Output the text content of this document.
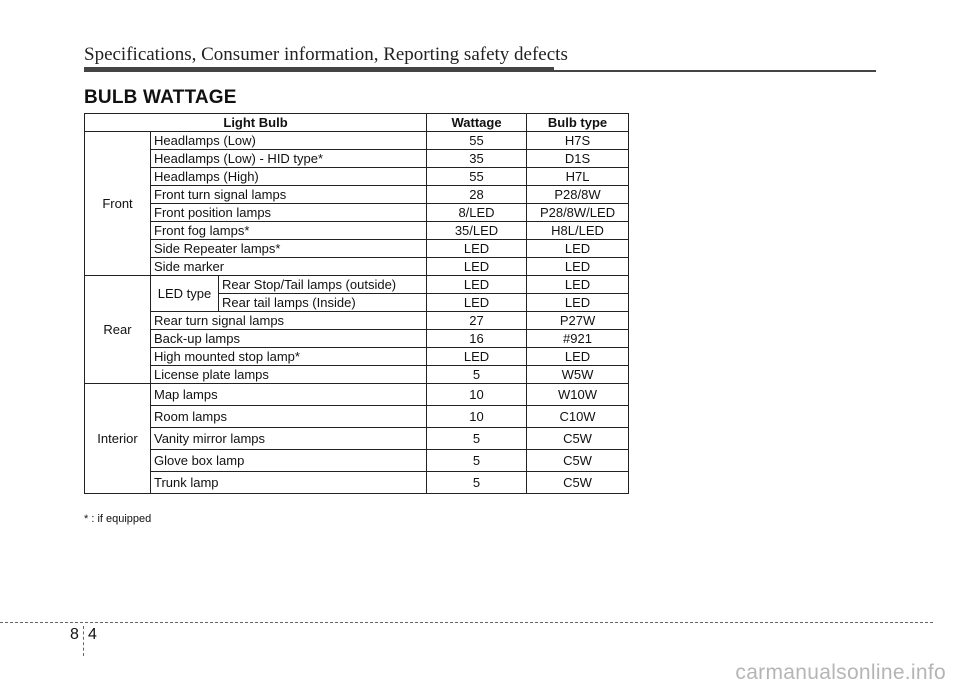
Specifications, Consumer information, Reporting safety defects
BULB WATTAGE
Light Bulb			Wattage	Bulb type
Front	Headlamps (Low)		55	H7S
	Headlamps (Low) - HID type*		35	D1S
	Headlamps (High)		55	H7L
	Front turn signal lamps		28	P28/8W
	Front position lamps		8/LED	P28/8W/LED
	Front fog lamps*		35/LED	H8L/LED
	Side Repeater lamps*		LED	LED
	Side marker		LED	LED
Rear	LED type	Rear Stop/Tail lamps (outside)	LED	LED
		Rear tail lamps (Inside)	LED	LED
	Rear turn signal lamps		27	P27W
	Back-up lamps		16	#921
	High mounted stop lamp*		LED	LED
	License plate lamps		5	W5W
Interior	Map lamps		10	W10W
	Room lamps		10	C10W
	Vanity mirror lamps		5	C5W
	Glove box lamp		5	C5W
	Trunk lamp		5	C5W
* : if equipped
8 4
carmanualsonline.info
